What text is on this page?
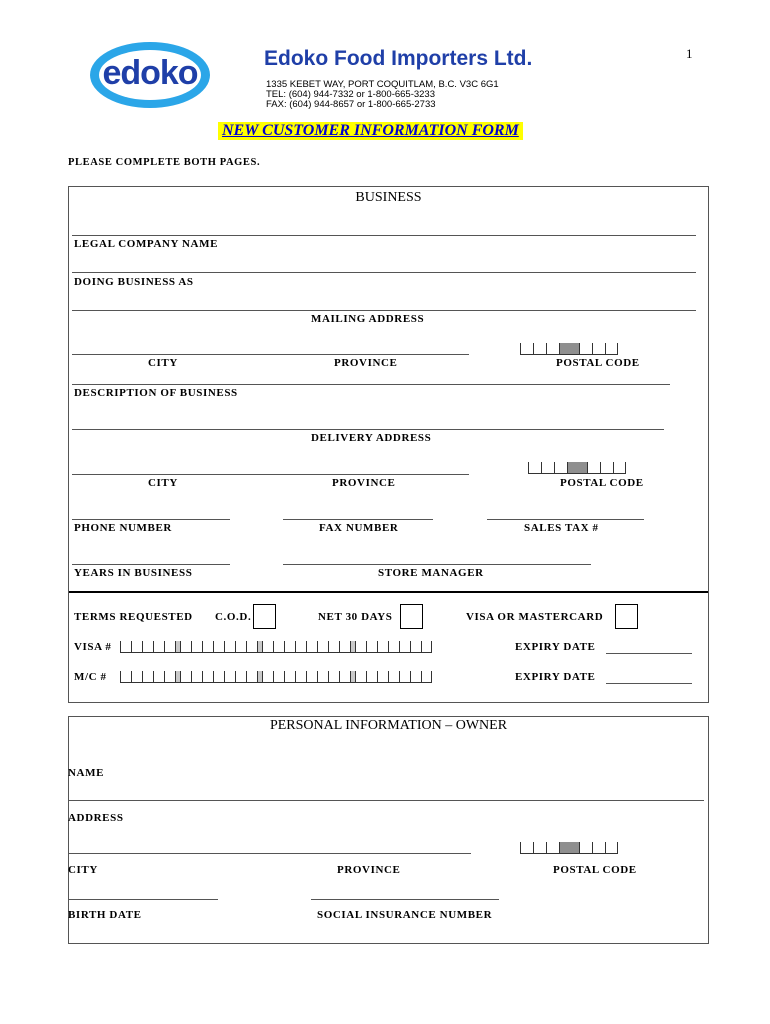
1
edoko	Edoko Food Importers Ltd.
1335 KEBET WAY, PORT COQUITLAM, B.C. V3C 6G1
TEL: (604) 944-7332 or 1-800-665-3233
FAX: (604) 944-8657 or 1-800-665-2733
NEW CUSTOMER INFORMATION FORM
PLEASE COMPLETE BOTH PAGES.
BUSINESS
LEGAL COMPANY NAME
DOING BUSINESS AS
MAILING ADDRESS
CITY	PROVINCE	POSTAL CODE
DESCRIPTION OF BUSINESS
DELIVERY ADDRESS
CITY	PROVINCE	POSTAL CODE
PHONE NUMBER	FAX NUMBER	SALES TAX #
YEARS IN BUSINESS	STORE MANAGER
TERMS REQUESTED C.O.D.	NET 30 DAYS	VISA OR MASTERCARD
VISA #	EXPIRY DATE
M/C #	EXPIRY DATE
PERSONAL INFORMATION – OWNER
NAME
ADDRESS
CITY	PROVINCE	POSTAL CODE
BIRTH DATE	SOCIAL INSURANCE NUMBER
